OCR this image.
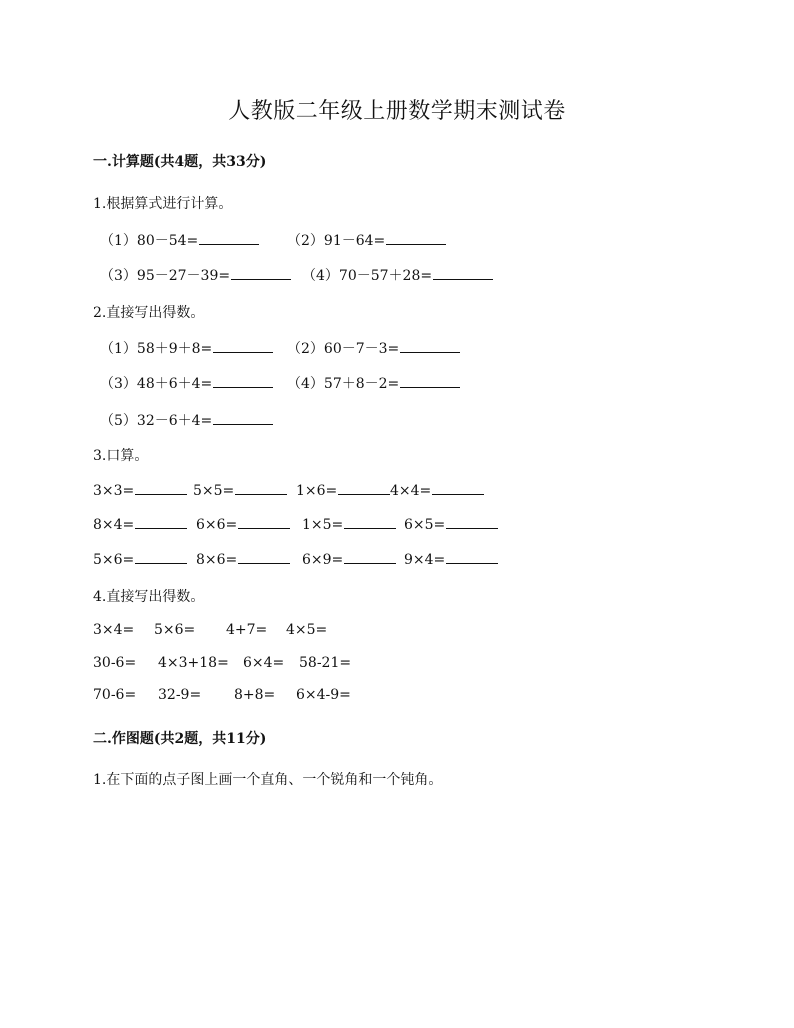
人教版二年级上册数学期末测试卷
一.计算题(共4题，共33分)
1.根据算式进行计算。
（1）80－54=	（2）91－64=
（3）95－27－39=	（4）70－57＋28=
2.直接写出得数。
（1）58＋9＋8=	（2）60－7－3=
（3）48＋6＋4=	（4）57＋8－2=
（5）32－6＋4=
3.口算。
3×3=	5×5=	1×6=	4×4=
8×4=	6×6=	1×5=	6×5=
5×6=	8×6=	6×9=	9×4=
4.直接写出得数。
3×4= 5×6= 4+7= 4×5=
30-6= 4×3+18= 6×4= 58-21=
70-6= 32-9= 8+8= 6×4-9=
二.作图题(共2题，共11分)
1.在下面的点子图上画一个直角、一个锐角和一个钝角。
